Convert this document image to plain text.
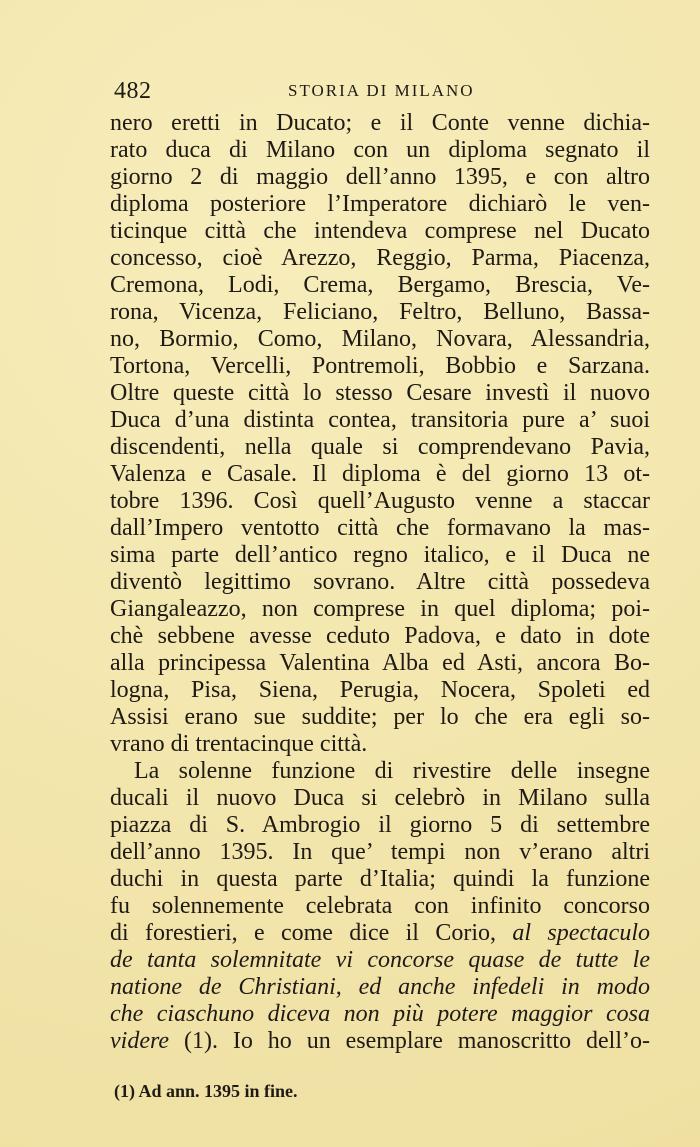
482	STORIA DI MILANO
nero eretti in Ducato; e il Conte venne dichia-
rato duca di Milano con un diploma segnato il
giorno 2 di maggio dell’anno 1395, e con altro
diploma posteriore l’Imperatore dichiarò le ven-
ticinque città che intendeva comprese nel Ducato
concesso, cioè Arezzo, Reggio, Parma, Piacenza,
Cremona, Lodi, Crema, Bergamo, Brescia, Ve-
rona, Vicenza, Feliciano, Feltro, Belluno, Bassa-
no, Bormio, Como, Milano, Novara, Alessandria,
Tortona, Vercelli, Pontremoli, Bobbio e Sarzana.
Oltre queste città lo stesso Cesare investì il nuovo
Duca d’una distinta contea, transitoria pure a’ suoi
discendenti, nella quale si comprendevano Pavia,
Valenza e Casale. Il diploma è del giorno 13 ot-
tobre 1396. Così quell’Augusto venne a staccar
dall’Impero ventotto città che formavano la mas-
sima parte dell’antico regno italico, e il Duca ne
diventò legittimo sovrano. Altre città possedeva
Giangaleazzo, non comprese in quel diploma; poi-
chè sebbene avesse ceduto Padova, e dato in dote
alla principessa Valentina Alba ed Asti, ancora Bo-
logna, Pisa, Siena, Perugia, Nocera, Spoleti ed
Assisi erano sue suddite; per lo che era egli so-
vrano di trentacinque città.
La solenne funzione di rivestire delle insegne
ducali il nuovo Duca si celebrò in Milano sulla
piazza di S. Ambrogio il giorno 5 di settembre
dell’anno 1395. In que’ tempi non v’erano altri
duchi in questa parte d’Italia; quindi la funzione
fu solennemente celebrata con infinito concorso
di forestieri, e come dice il Corio, al spectaculo
de tanta solemnitate vi concorse quase de tutte le
natione de Christiani, ed anche infedeli in modo
che ciaschuno diceva non più potere maggior cosa
videre (1). Io ho un esemplare manoscritto dell’o-
(1) Ad ann. 1395 in fine.
